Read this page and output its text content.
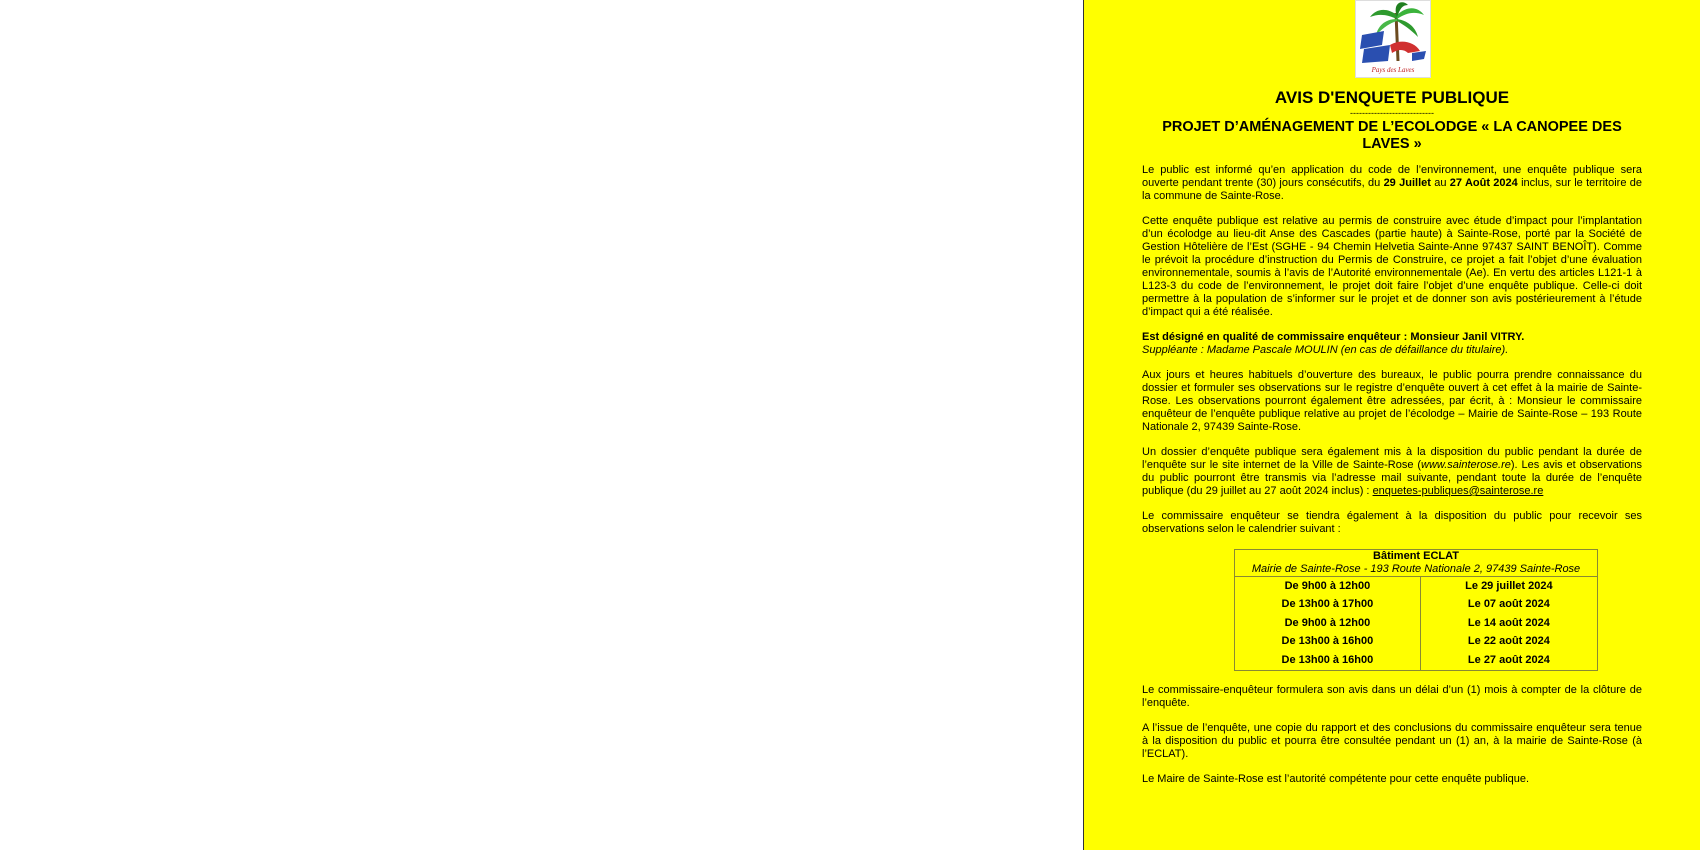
Pays des Laves

AVIS D'ENQUETE PUBLIQUE

----------------------------

PROJET D’AMÉNAGEMENT DE L’ECOLODGE « LA CANOPEE DES LAVES »

Le public est informé qu’en application du code de l’environnement, une enquête publique sera ouverte pendant trente (30) jours consécutifs, du 29 Juillet au 27 Août 2024 inclus, sur le territoire de la commune de Sainte-Rose.

Cette enquête publique est relative au permis de construire avec étude d’impact pour l’implantation d’un écolodge au lieu-dit Anse des Cascades (partie haute) à Sainte-Rose, porté par la Société de Gestion Hôtelière de l’Est (SGHE - 94 Chemin Helvetia Sainte-Anne 97437 SAINT BENOÎT). Comme le prévoit la procédure d’instruction du Permis de Construire, ce projet a fait l’objet d’une évaluation environnementale, soumis à l’avis de l’Autorité environnementale (Ae). En vertu des articles L121-1 à L123-3 du code de l’environnement, le projet doit faire l’objet d’une enquête publique. Celle-ci doit permettre à la population de s’informer sur le projet et de donner son avis postérieurement à l’étude d’impact qui a été réalisée.

Est désigné en qualité de commissaire enquêteur : Monsieur Janil VITRY.
Suppléante : Madame Pascale MOULIN (en cas de défaillance du titulaire).

Aux jours et heures habituels d’ouverture des bureaux, le public pourra prendre connaissance du dossier et formuler ses observations sur le registre d’enquête ouvert à cet effet à la mairie de Sainte-Rose. Les observations pourront également être adressées, par écrit, à : Monsieur le commissaire enquêteur de l’enquête publique relative au projet de l’écolodge – Mairie de Sainte-Rose – 193 Route Nationale 2, 97439 Sainte-Rose.

Un dossier d’enquête publique sera également mis à la disposition du public pendant la durée de l’enquête sur le site internet de la Ville de Sainte-Rose (www.sainterose.re). Les avis et observations du public pourront être transmis via l’adresse mail suivante, pendant toute la durée de l’enquête publique (du 29 juillet au 27 août 2024 inclus) : enquetes-publiques@sainterose.re

Le commissaire enquêteur se tiendra également à la disposition du public pour recevoir ses observations selon le calendrier suivant :

Bâtiment ECLAT
Mairie de Sainte-Rose - 193 Route Nationale 2, 97439 Sainte-Rose	
De 9h00 à 12h00	Le 29 juillet 2024
De 13h00 à 17h00	Le 07 août 2024
De 9h00 à 12h00	Le 14 août 2024
De 13h00 à 16h00	Le 22 août 2024
De 13h00 à 16h00	Le 27 août 2024

Le commissaire-enquêteur formulera son avis dans un délai d’un (1) mois à compter de la clôture de l’enquête.

A l’issue de l’enquête, une copie du rapport et des conclusions du commissaire enquêteur sera tenue à la disposition du public et pourra être consultée pendant un (1) an, à la mairie de Sainte-Rose (à l’ECLAT).

Le Maire de Sainte-Rose est l’autorité compétente pour cette enquête publique.
